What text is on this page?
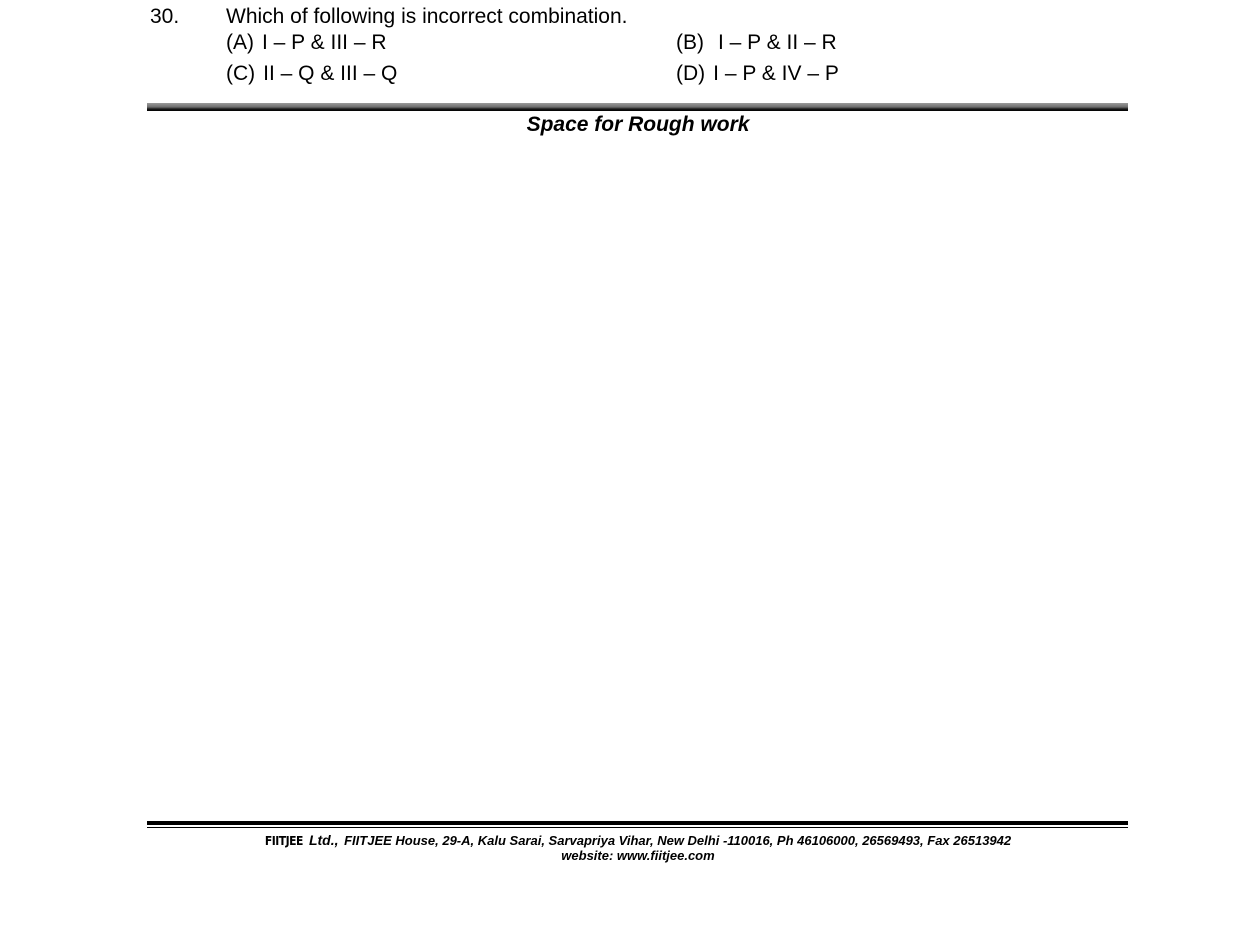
30. Which of following is incorrect combination.
(A) I – P & III – R	(B) I – P & II – R
(C) II – Q & III – Q	(D) I – P & IV – P
Space for Rough work
FIITJEE Ltd., FIITJEE House, 29-A, Kalu Sarai, Sarvapriya Vihar, New Delhi -110016, Ph 46106000, 26569493, Fax 26513942
website: www.fiitjee.com
